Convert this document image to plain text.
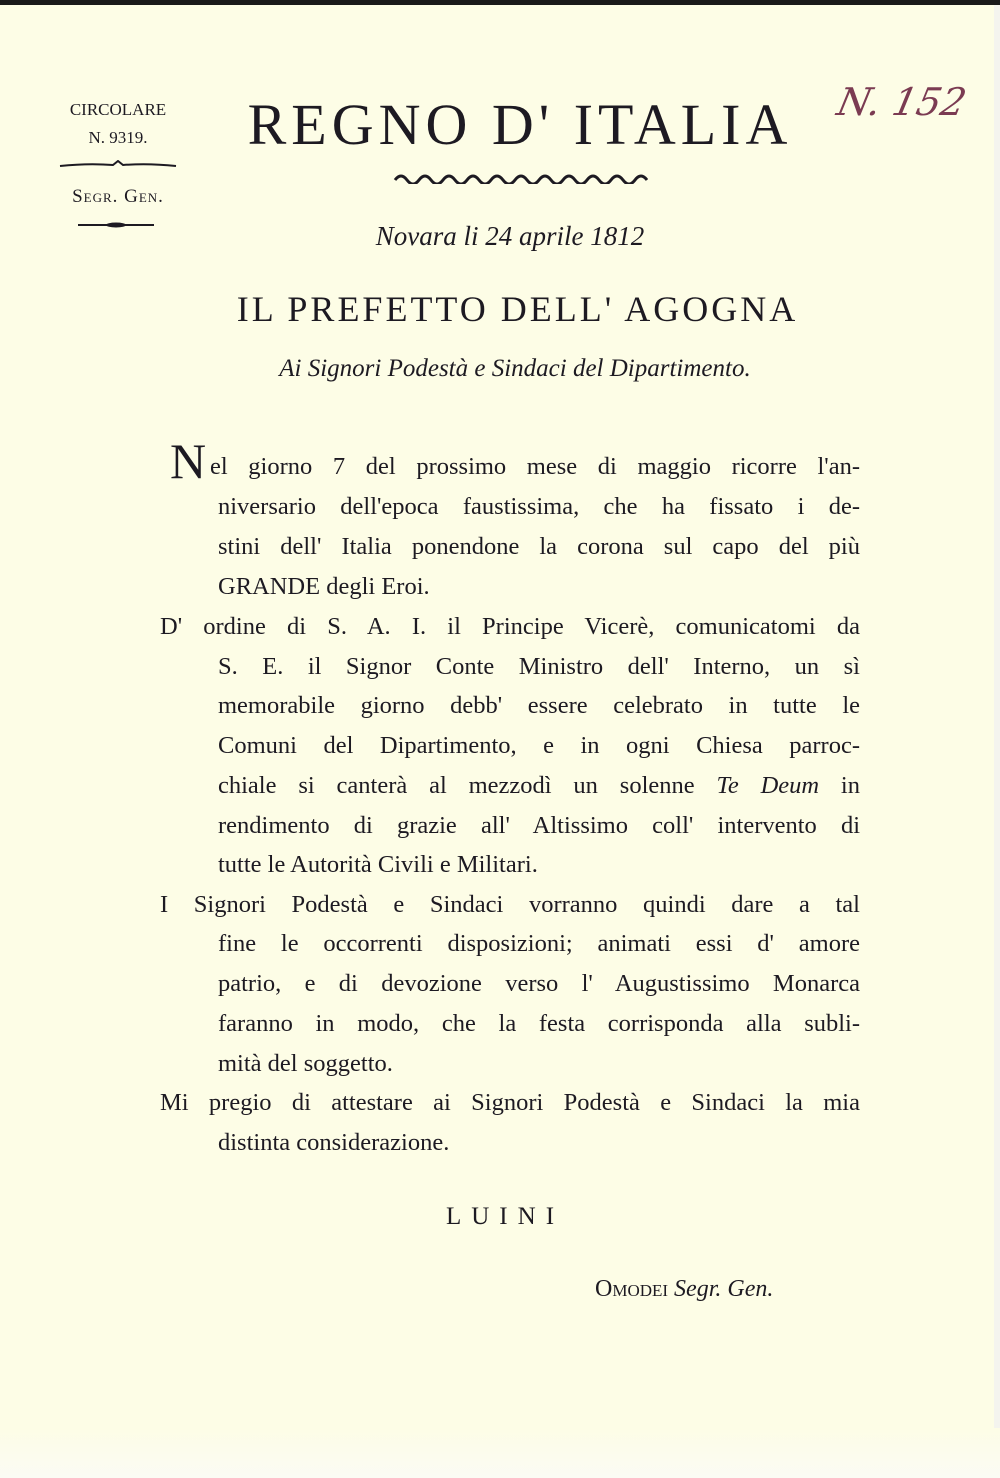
CIRCOLARE
N. 9319.
Segr. Gen.
REGNO D' ITALIA	N. 152
Novara li 24 aprile 1812
IL PREFETTO DELL' AGOGNA
Ai Signori Podestà e Sindaci del Dipartimento.
N el giorno 7 del prossimo mese di maggio ricorre l'an-
niversario dell'epoca faustissima, che ha fissato i de-
stini dell' Italia ponendone la corona sul capo del più
GRANDE degli Eroi.
D' ordine di S. A. I. il Principe Vicerè, comunicatomi da
S. E. il Signor Conte Ministro dell' Interno, un sì
memorabile giorno debb' essere celebrato in tutte le
Comuni del Dipartimento, e in ogni Chiesa parroc-
chiale si canterà al mezzodì un solenne Te Deum in
rendimento di grazie all' Altissimo coll' intervento di
tutte le Autorità Civili e Militari.
I Signori Podestà e Sindaci vorranno quindi dare a tal
fine le occorrenti disposizioni; animati essi d' amore
patrio, e di devozione verso l' Augustissimo Monarca
faranno in modo, che la festa corrisponda alla subli-
mità del soggetto.
Mi pregio di attestare ai Signori Podestà e Sindaci la mia
distinta considerazione.
LUINI
Omodei Segr. Gen.
